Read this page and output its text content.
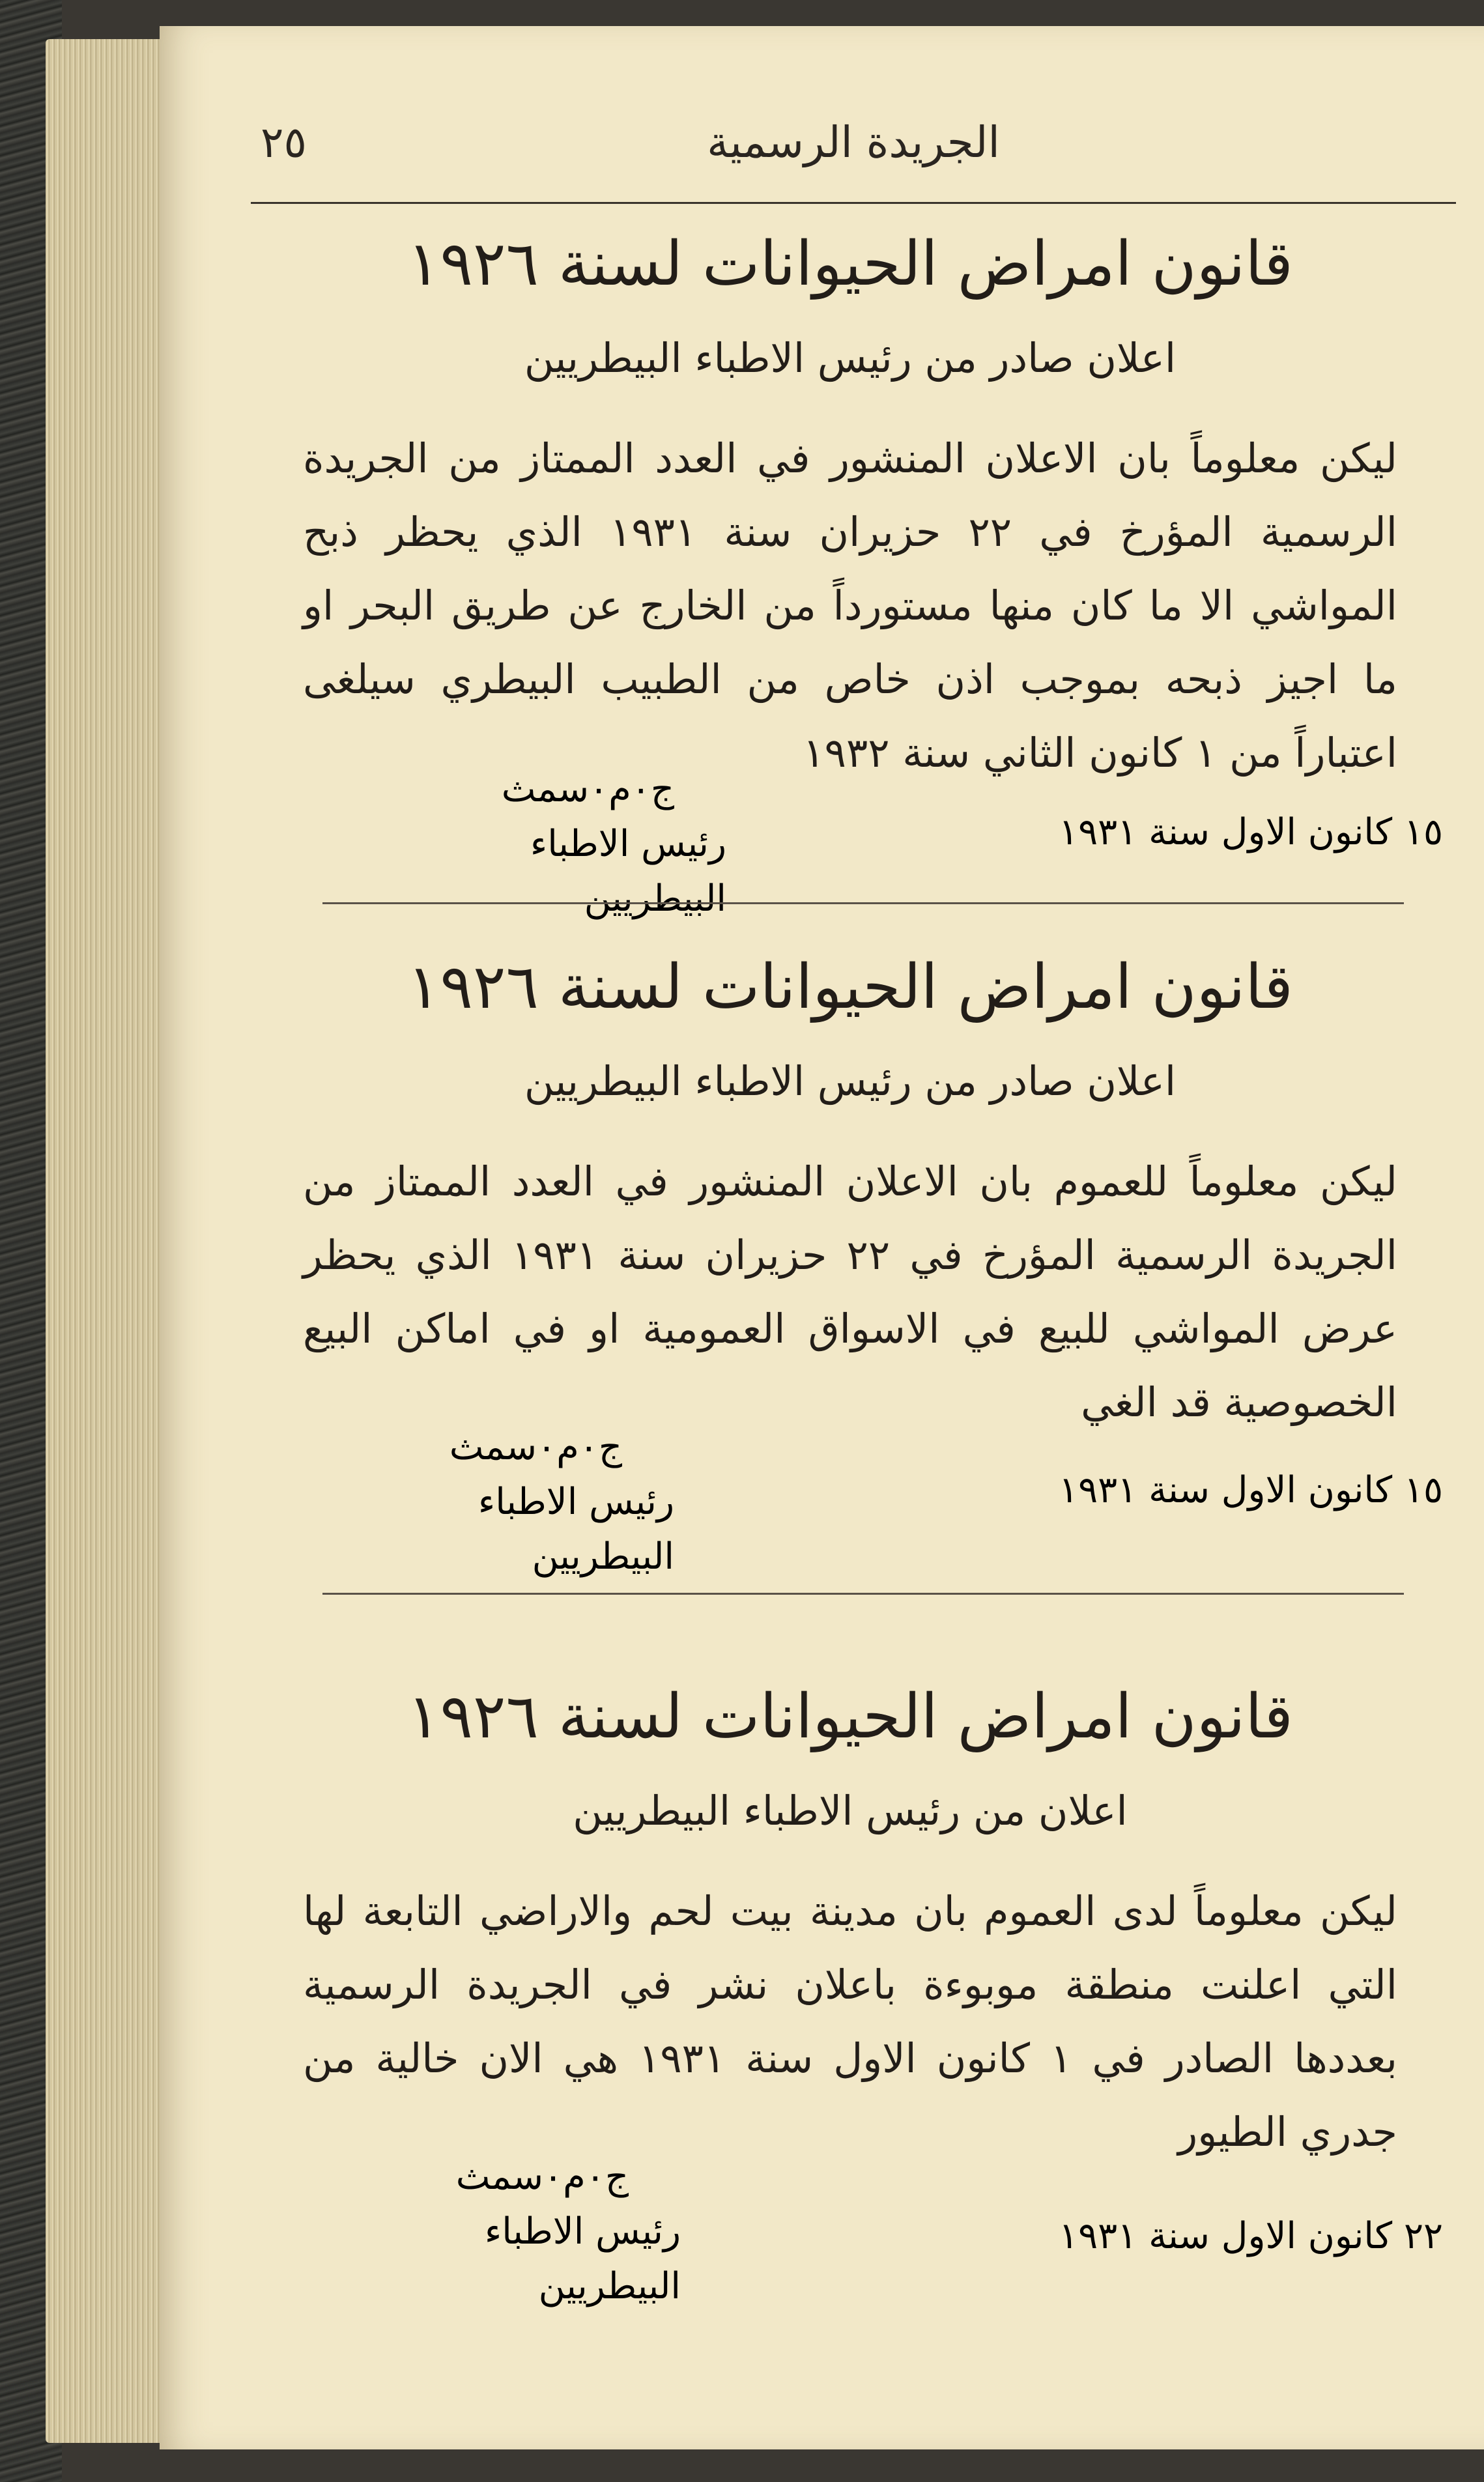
الجريدة الرسمية
٢٥
قانون امراض الحيوانات لسنة ١٩٢٦
اعلان صادر من رئيس الاطباء البيطريين
ليكن معلوماً بان الاعلان المنشور في العدد الممتاز من الجريدة الرسمية المؤرخ في ٢٢ حزيران سنة ١٩٣١ الذي يحظر ذبح المواشي الا ما كان منها مستورداً من الخارج عن طريق البحر او ما اجيز ذبحه بموجب اذن خاص من الطبيب البيطري سيلغى اعتباراً من ١ كانون الثاني سنة ١٩٣٢
ج٠م٠سمث
رئيس الاطباء البيطريين
١٥ كانون الاول سنة ١٩٣١
قانون امراض الحيوانات لسنة ١٩٢٦
اعلان صادر من رئيس الاطباء البيطريين
ليكن معلوماً للعموم بان الاعلان المنشور في العدد الممتاز من الجريدة الرسمية المؤرخ في ٢٢ حزيران سنة ١٩٣١ الذي يحظر عرض المواشي للبيع في الاسواق العمومية او في اماكن البيع الخصوصية قد الغي
ج٠م٠سمث
رئيس الاطباء البيطريين
١٥ كانون الاول سنة ١٩٣١
قانون امراض الحيوانات لسنة ١٩٢٦
اعلان من رئيس الاطباء البيطريين
ليكن معلوماً لدى العموم بان مدينة بيت لحم والاراضي التابعة لها التي اعلنت منطقة موبوءة باعلان نشر في الجريدة الرسمية بعددها الصادر في ١ كانون الاول سنة ١٩٣١ هي الان خالية من جدري الطيور
ج٠م٠سمث
رئيس الاطباء البيطريين
٢٢ كانون الاول سنة ١٩٣١
